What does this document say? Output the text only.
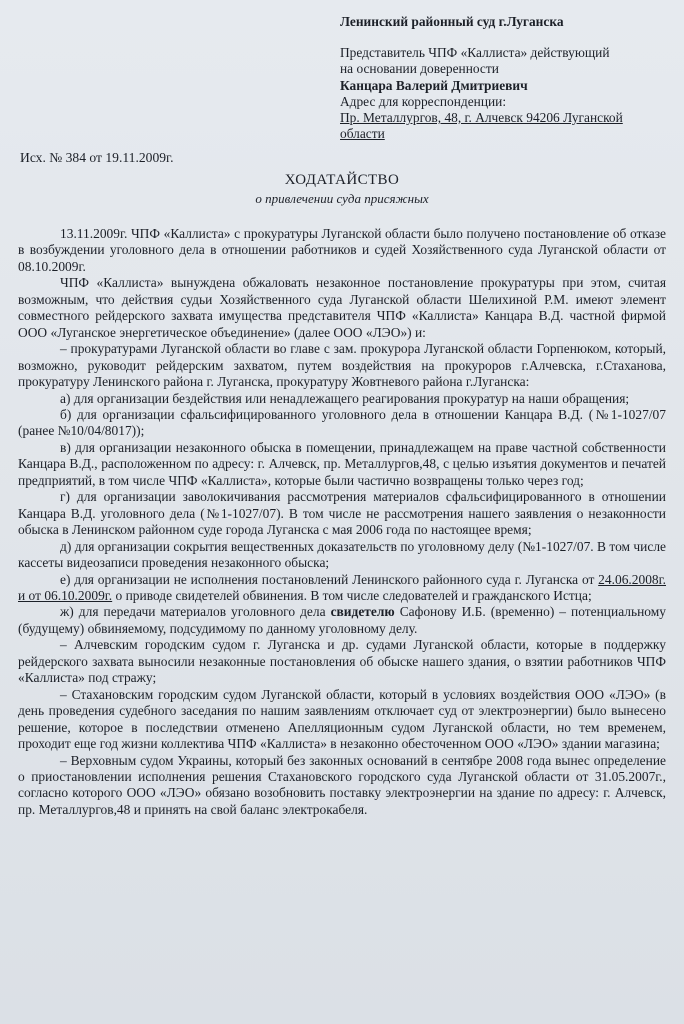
Ленинский районный суд г.Луганска
Представитель ЧПФ «Каллиста» действующий
на основании доверенности
Канцара Валерий Дмитриевич
Адрес для корреспонденции:
Пр. Металлургов, 48, г. Алчевск 94206 Луганской
области
Исх. № 384 от 19.11.2009г.
ХОДАТАЙСТВО
о привлечении суда присяжных

13.11.2009г. ЧПФ «Каллиста» с прокуратуры Луганской области было получено постановление об отказе в возбуждении уголовного дела в отношении работников и судей Хозяйственного суда Луганской области от 08.10.2009г.

ЧПФ «Каллиста» вынуждена обжаловать незаконное постановление прокуратуры при этом, считая возможным, что действия судьи Хозяйственного суда Луганской области Шелихиной Р.М. имеют элемент совместного рейдерского захвата имущества представителя ЧПФ «Каллиста» Канцара В.Д. частной фирмой ООО «Луганское энергетическое объединение» (далее ООО «ЛЭО») и:

– прокуратурами Луганской области во главе с зам. прокурора Луганской области Горпенюком, который, возможно, руководит рейдерским захватом, путем воздействия на прокуроров г.Алчевска, г.Стаханова, прокуратуру Ленинского района г. Луганска, прокуратуру Жовтневого района г.Луганска:

а) для организации бездействия или ненадлежащего реагирования прокуратур на наши обращения;

б) для организации сфальсифицированного уголовного дела в отношении Канцара В.Д. (№1-1027/07 (ранее №10/04/8017));

в) для организации незаконного обыска в помещении, принадлежащем на праве частной собственности Канцара В.Д., расположенном по адресу: г. Алчевск, пр. Металлургов,48, с целью изъятия документов и печатей предприятий, в том числе ЧПФ «Каллиста», которые были частично возвращены только через год;

г) для организации заволокичивания рассмотрения материалов сфальсифицированного в отношении Канцара В.Д. уголовного дела (№1-1027/07). В том числе не рассмотрения нашего заявления о незаконности обыска в Ленинском районном суде города Луганска с мая 2006 года по настоящее время;

д) для организации сокрытия вещественных доказательств по уголовному делу (№1-1027/07. В том числе кассеты видеозаписи проведения незаконного обыска;

е) для организации не исполнения постановлений Ленинского районного суда г. Луганска от 24.06.2008г. и от 06.10.2009г. о приводе свидетелей обвинения. В том числе следователей и гражданского Истца;

ж) для передачи материалов уголовного дела свидетелю Сафонову И.Б. (временно) – потенциальному (будущему) обвиняемому, подсудимому по данному уголовному делу.

– Алчевским городским судом г. Луганска и др. судами Луганской области, которые в поддержку рейдерского захвата выносили незаконные постановления об обыске нашего здания, о взятии работников ЧПФ «Каллиста» под стражу;

– Стахановским городским судом Луганской области, который в условиях воздействия ООО «ЛЭО» (в день проведения судебного заседания по нашим заявлениям отключает суд от электроэнергии) было вынесено решение, которое в последствии отменено Апелляционным судом Луганской области, но тем временем, проходит еще год жизни коллектива ЧПФ «Каллиста» в незаконно обесточенном ООО «ЛЭО» здании магазина;

– Верховным судом Украины, который без законных оснований в сентябре 2008 года вынес определение о приостановлении исполнения решения Стахановского городского суда Луганской области от 31.05.2007г., согласно которого ООО «ЛЭО» обязано возобновить поставку электроэнергии на здание по адресу: г. Алчевск, пр. Металлургов,48 и принять на свой баланс электрокабеля.
